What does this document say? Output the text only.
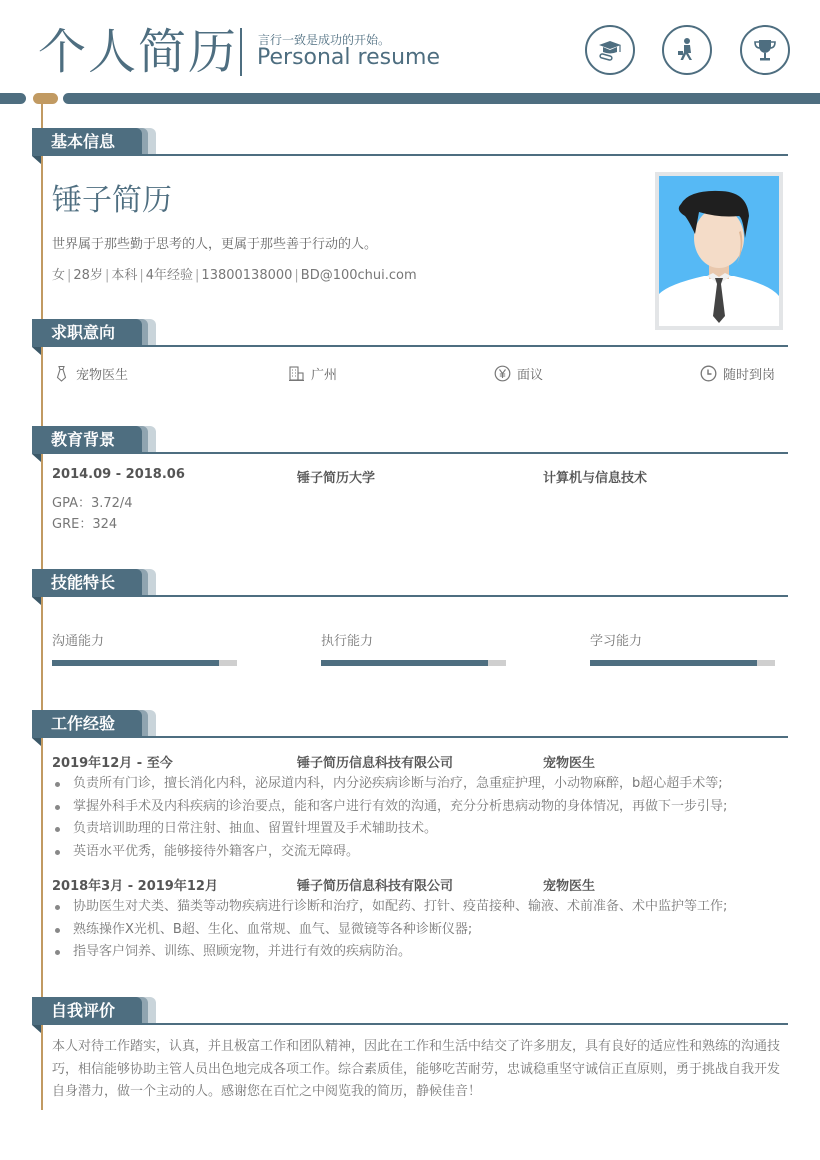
个人简历 言行一致是成功的开始。
Personal resume
基本信息
锤子简历
世界属于那些勤于思考的人，更属于那些善于行动的人。
女 | 28岁 | 本科 | 4年经验 | 13800138000 | BD@100chui.com
求职意向
宠物医生	广州	面议	随时到岗
教育背景
2014.09 - 2018.06	锤子简历大学	计算机与信息技术
GPA：3.72/4
GRE：324
技能特长
沟通能力	执行能力	学习能力
工作经验
2019年12月 - 至今	锤子简历信息科技有限公司	宠物医生
负责所有门诊，擅长消化内科，泌尿道内科，内分泌疾病诊断与治疗，急重症护理，小动物麻醉，b超心超手术等;
掌握外科手术及内科疾病的诊治要点，能和客户进行有效的沟通，充分分析患病动物的身体情况，再做下一步引导;
负责培训助理的日常注射、抽血、留置针埋置及手术辅助技术。
英语水平优秀，能够接待外籍客户，交流无障碍。
2018年3月 - 2019年12月	锤子简历信息科技有限公司	宠物医生
协助医生对犬类、猫类等动物疾病进行诊断和治疗，如配药、打针、疫苗接种、输液、术前准备、术中监护等工作;
熟练操作X光机、B超、生化、血常规、血气、显微镜等各种诊断仪器;
指导客户饲养、训练、照顾宠物，并进行有效的疾病防治。
自我评价
本人对待工作踏实，认真，并且极富工作和团队精神，因此在工作和生活中结交了许多朋友，具有良好的适应性和熟练的沟通技巧，相信能够协助主管人员出色地完成各项工作。综合素质佳，能够吃苦耐劳，忠诚稳重坚守诚信正直原则，勇于挑战自我开发自身潜力，做一个主动的人。感谢您在百忙之中阅览我的简历，静候佳音！
